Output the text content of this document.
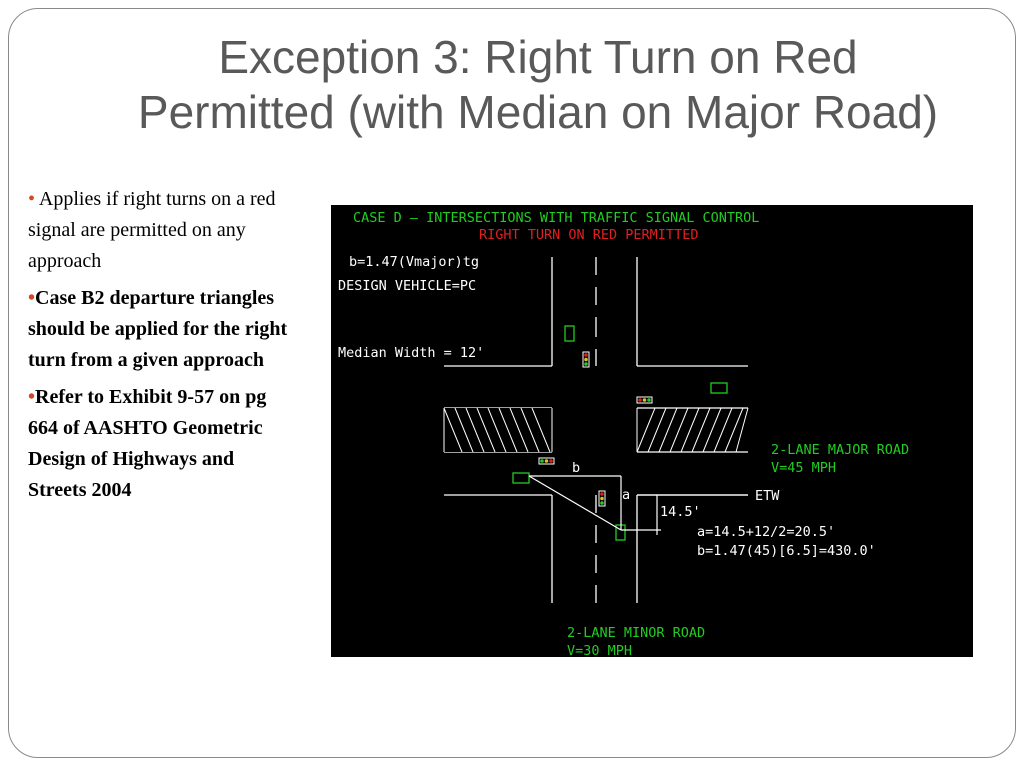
Exception 3: Right Turn on Red
Permitted (with Median on Major Road)

• Applies if right turns on a red signal are permitted on any approach

•Case B2 departure triangles should be applied for the right turn from a given approach

•Refer to Exhibit 9-57 on pg 664 of AASHTO Geometric Design of Highways and Streets 2004

CASE D – INTERSECTIONS WITH TRAFFIC SIGNAL CONTROL
RIGHT TURN ON RED PERMITTED
b=1.47(Vmajor)tg
DESIGN VEHICLE=PC
Median Width = 12'
b
a	ETW
14.5'
a=14.5+12/2=20.5'
b=1.47(45)[6.5]=430.0'
2-LANE MAJOR ROAD
V=45 MPH
2-LANE MINOR ROAD
V=30 MPH
